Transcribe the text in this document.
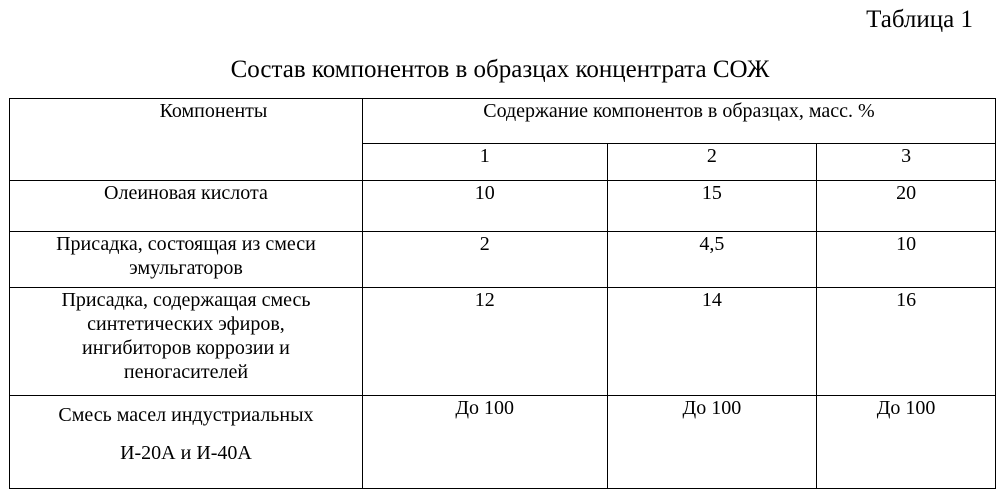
Таблица 1
Состав компонентов в образцах концентрата СОЖ
Компоненты	Содержание компонентов в образцах, масс. %		
	1	2	3

Олеиновая кислота	10	15	20

Присадка, состоящая из смеси
эмульгаторов	2	4,5	10

Присадка, содержащая смесь
синтетических эфиров,
ингибиторов коррозии и
пеногасителей	12	14	16

Смесь масел индустриальных
И-20А и И-40А	До 100	До 100	До 100
